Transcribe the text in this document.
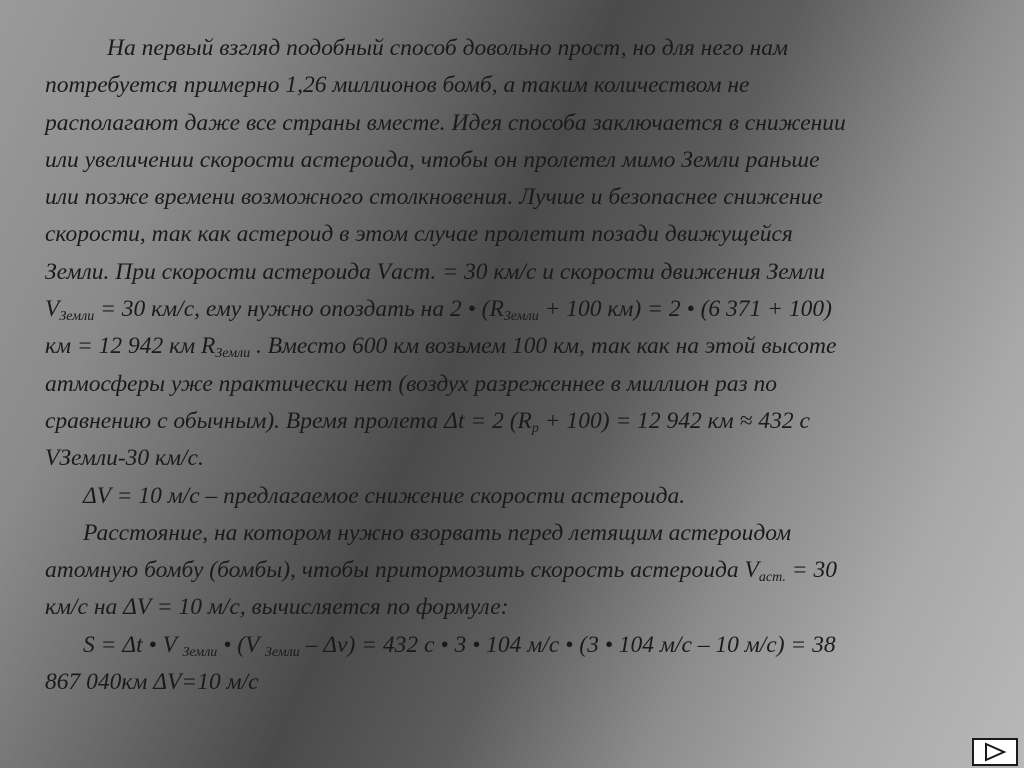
На первый взгляд подобный способ довольно прост, но для него нам
потребуется примерно 1,26 миллионов бомб, а таким количеством не
располагают даже все страны вместе. Идея способа заключается в снижении
или увеличении скорости астероида, чтобы он пролетел мимо Земли раньше
или позже времени возможного столкновения. Лучше и безопаснее снижение
скорости, так как астероид в этом случае пролетит позади движущейся
Земли. При скорости астероида Vаст. = 30 км/с и скорости движения Земли
$V_{Земли} = 30$ км/с, ему нужно опоздать на 2 • ($R_{Земли} + 100$ км) = 2 • (6 371 + 100)
км = 12 942 км $R_{Земли}$ . Вместо 600 км возьмем 100 км, так как на этой высоте
атмосферы уже практически нет (воздух разреженнее в миллион раз по
сравнению с обычным). Время пролета Δt = 2 $(R_p + 100) = 12$ 942 км ≈ 432 с
VЗемли-30 км/с.

ΔV = 10 м/с – предлагаемое снижение скорости астероида.

Расстояние, на котором нужно взорвать перед летящим астероидом
атомную бомбу (бомбы), чтобы притормозить скорость астероида $V_{аст.} = 30$
км/с на ΔV = 10 м/с, вычисляется по формуле:

S = Δt • V $_{Земли}$ • (V $_{Земли}$ – Δv) = 432 с • 3 • 104 м/с • (3 • 104 м/с – 10 м/с) = 38
867 040км ΔV=10 м/с
